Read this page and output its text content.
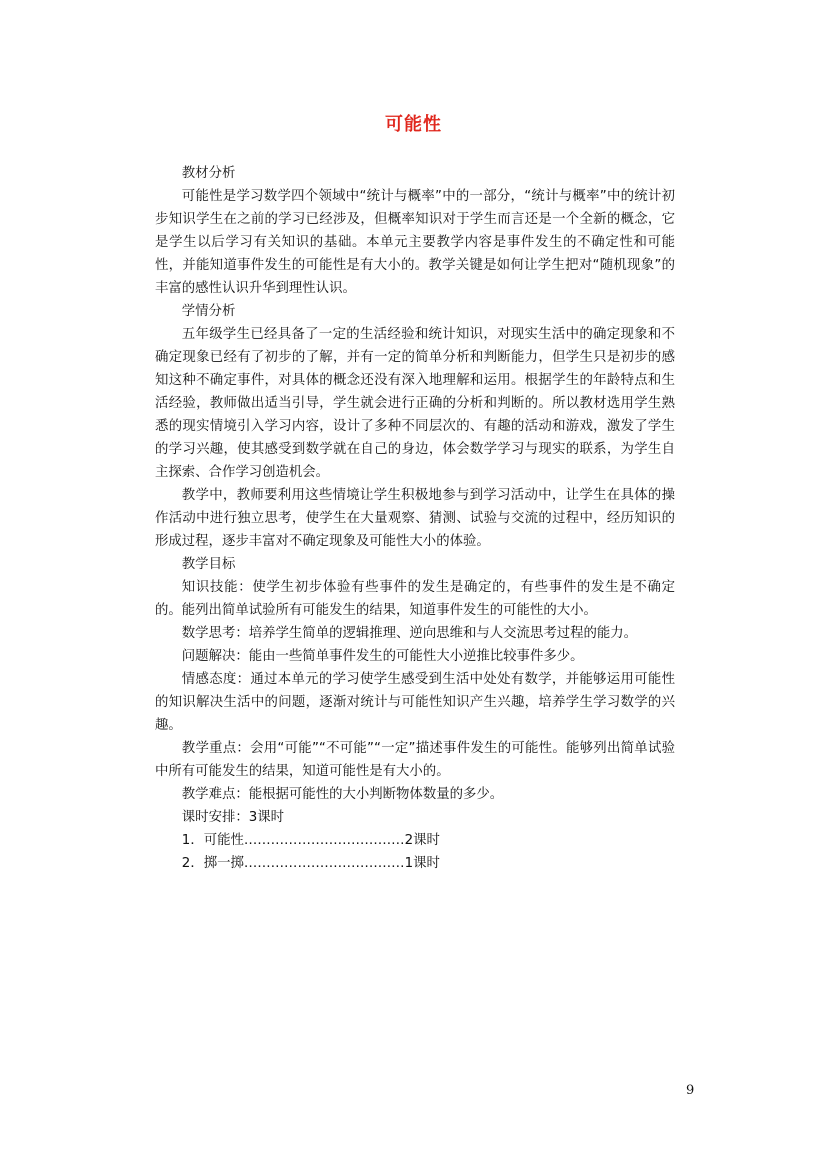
可能性

教材分析

可能性是学习数学四个领域中“统计与概率”中的一部分，“统计与概率”中的统计初步知识学生在之前的学习已经涉及，但概率知识对于学生而言还是一个全新的概念，它是学生以后学习有关知识的基础。本单元主要教学内容是事件发生的不确定性和可能性，并能知道事件发生的可能性是有大小的。教学关键是如何让学生把对“随机现象”的丰富的感性认识升华到理性认识。

学情分析

五年级学生已经具备了一定的生活经验和统计知识，对现实生活中的确定现象和不确定现象已经有了初步的了解，并有一定的简单分析和判断能力，但学生只是初步的感知这种不确定事件，对具体的概念还没有深入地理解和运用。根据学生的年龄特点和生活经验，教师做出适当引导，学生就会进行正确的分析和判断的。所以教材选用学生熟悉的现实情境引入学习内容，设计了多种不同层次的、有趣的活动和游戏，激发了学生的学习兴趣，使其感受到数学就在自己的身边，体会数学学习与现实的联系，为学生自主探索、合作学习创造机会。

教学中，教师要利用这些情境让学生积极地参与到学习活动中，让学生在具体的操作活动中进行独立思考，使学生在大量观察、猜测、试验与交流的过程中，经历知识的形成过程，逐步丰富对不确定现象及可能性大小的体验。

教学目标

知识技能：使学生初步体验有些事件的发生是确定的，有些事件的发生是不确定的。能列出简单试验所有可能发生的结果，知道事件发生的可能性的大小。

数学思考：培养学生简单的逻辑推理、逆向思维和与人交流思考过程的能力。

问题解决：能由一些简单事件发生的可能性大小逆推比较事件多少。

情感态度：通过本单元的学习使学生感受到生活中处处有数学，并能够运用可能性的知识解决生活中的问题，逐渐对统计与可能性知识产生兴趣，培养学生学习数学的兴趣。

教学重点：会用“可能”“不可能”“一定”描述事件发生的可能性。能够列出简单试验中所有可能发生的结果，知道可能性是有大小的。

教学难点：能根据可能性的大小判断物体数量的多少。

课时安排：3课时

1．可能性………………………………2课时

2．掷一掷………………………………1课时

9
